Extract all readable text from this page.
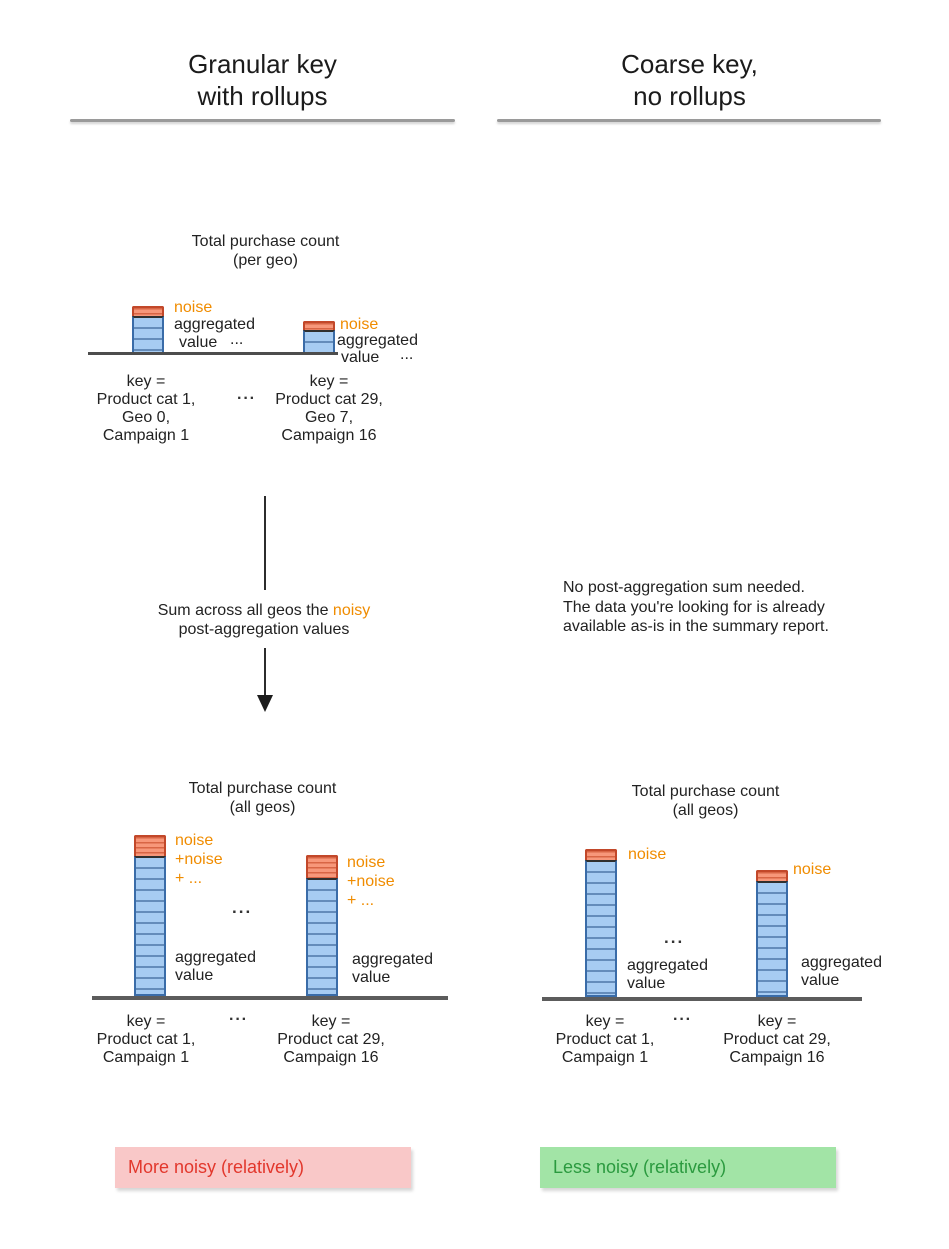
Granular key
with rollups
Coarse key,
no rollups
Total purchase count
(per geo)
noise
aggregated
value ...
noise
aggregated
value ...
key =
Product cat 1,
Geo 0,
Campaign 1
···
key =
Product cat 29,
Geo 7,
Campaign 16
Sum across all geos the noisy
post-aggregation values
No post-aggregation sum needed.
The data you're looking for is already
available as-is in the summary report.
Total purchase count
(all geos)
noise
+noise
+ ...
...
aggregated
value
noise
+noise
+ ...
aggregated
value
key =
Product cat 1,
Campaign 1
···	key =
Product cat 29,
Campaign 16
Total purchase count
(all geos)
noise
noise
...
aggregated
value
aggregated
value
key =
Product cat 1,
Campaign 1
···	key =
Product cat 29,
Campaign 16
More noisy (relatively)	Less noisy (relatively)
